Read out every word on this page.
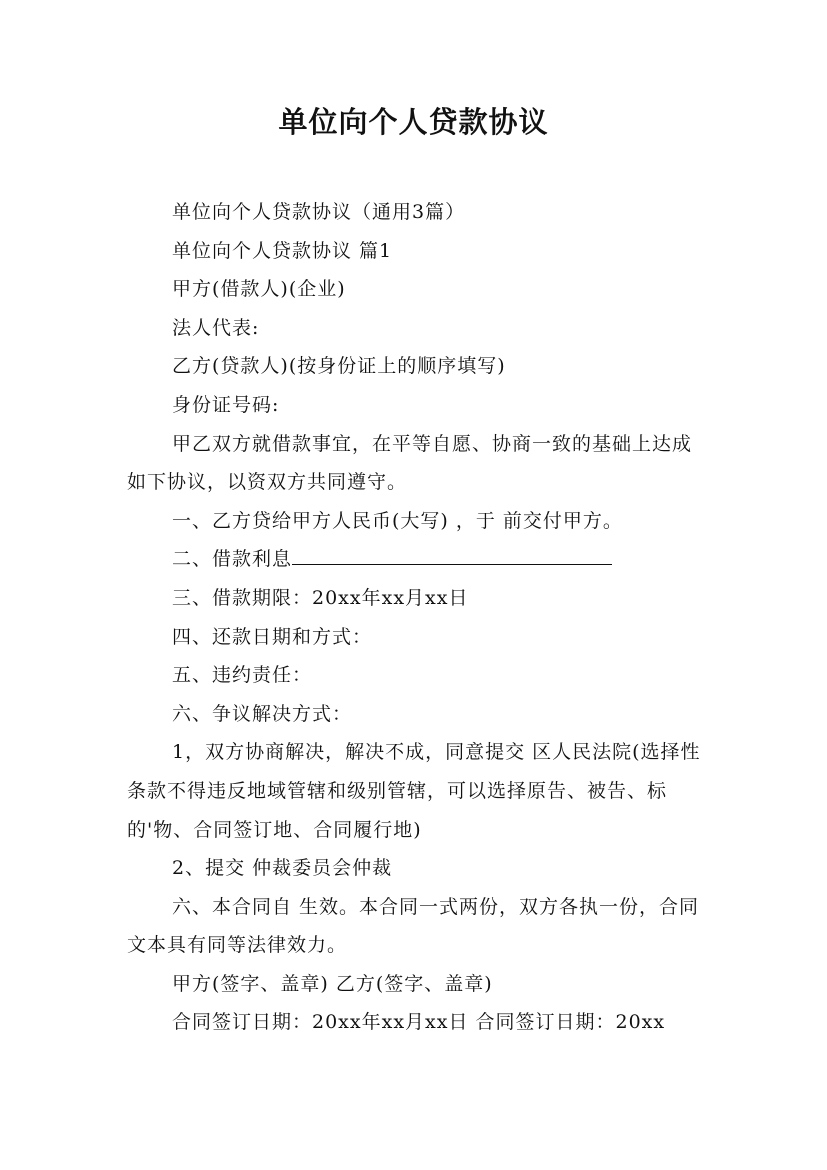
单位向个人贷款协议

单位向个人贷款协议（通用3篇）

单位向个人贷款协议 篇1

甲方(借款人)(企业)

法人代表:

乙方(贷款人)(按身份证上的顺序填写)

身份证号码:

甲乙双方就借款事宜，在平等自愿、协商一致的基础上达成如下协议，以资双方共同遵守。

一、乙方贷给甲方人民币(大写) ，于 前交付甲方。

二、借款利息

三、借款期限：20xx年xx月xx日

四、还款日期和方式：

五、违约责任：

六、争议解决方式：

1，双方协商解决，解决不成，同意提交 区人民法院(选择性条款不得违反地域管辖和级别管辖，可以选择原告、被告、标的'物、合同签订地、合同履行地)

2、提交 仲裁委员会仲裁

六、本合同自 生效。本合同一式两份，双方各执一份，合同文本具有同等法律效力。

甲方(签字、盖章) 乙方(签字、盖章)

合同签订日期：20xx年xx月xx日 合同签订日期：20xx
